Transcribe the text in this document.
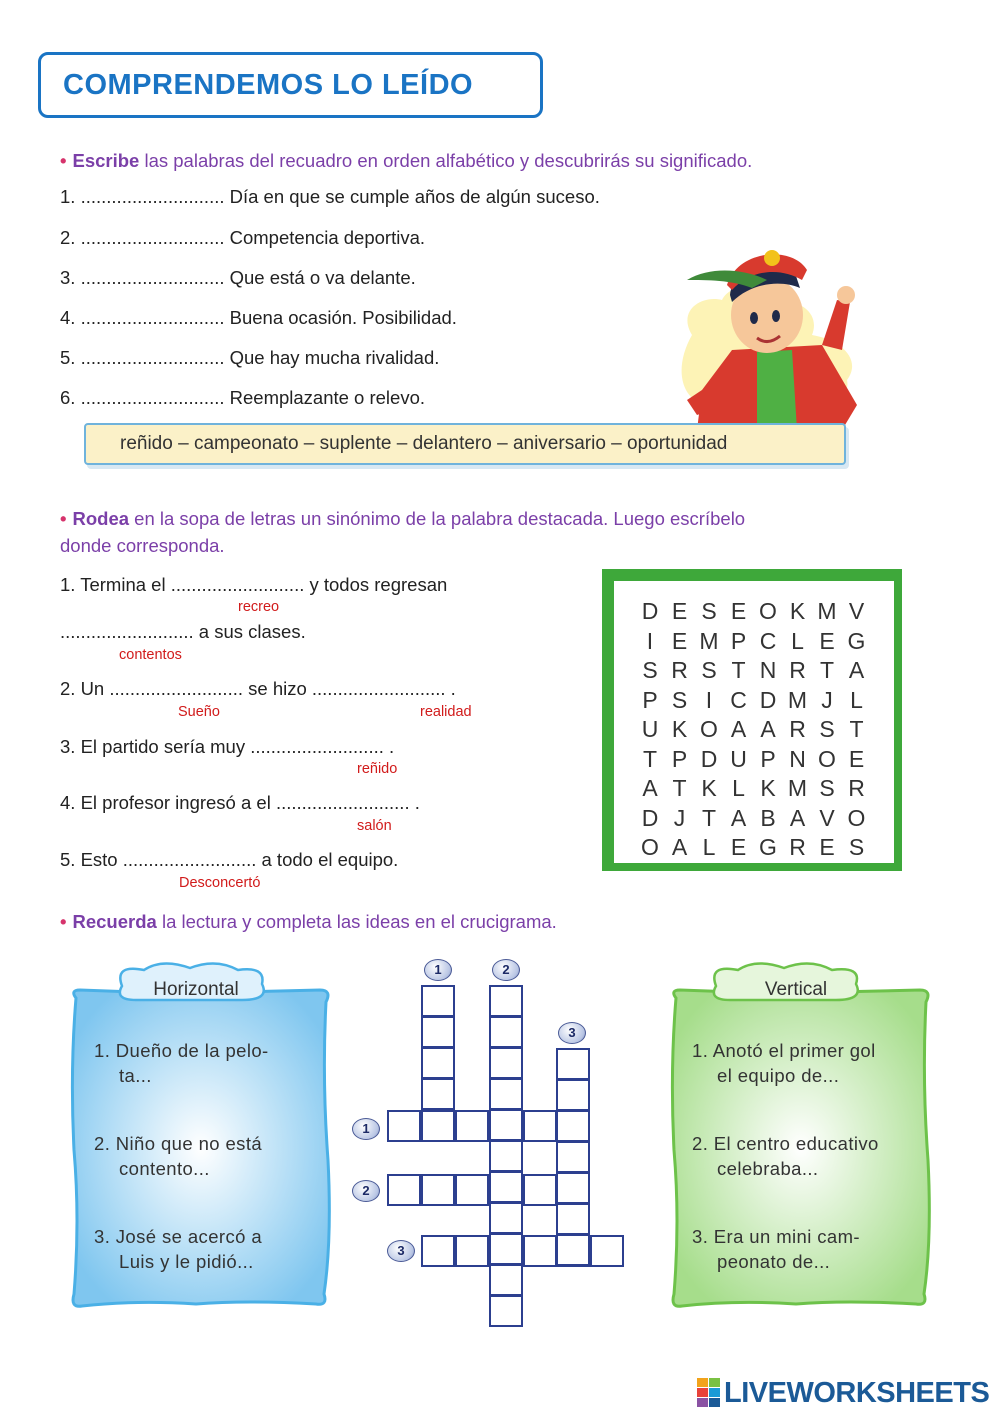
COMPRENDEMOS LO LEÍDO
• Escribe las palabras del recuadro en orden alfabético y descubrirás su significado.
1. ............................ Día en que se cumple años de algún suceso.
2. ............................ Competencia deportiva.
3. ............................ Que está o va delante.
4. ............................ Buena ocasión. Posibilidad.
5. ............................ Que hay mucha rivalidad.
6. ............................ Reemplazante o relevo.
reñido – campeonato – suplente – delantero – aniversario – oportunidad
• Rodea en la sopa de letras un sinónimo de la palabra destacada. Luego escríbelo
donde corresponda.
1. Termina el .......................... y todos regresan
recreo
.......................... a sus clases.
contentos
2. Un .......................... se hizo .......................... .
Sueño	realidad
3. El partido sería muy .......................... .
reñido
4. El profesor ingresó a el .......................... .
salón
5. Esto .......................... a todo el equipo.
Desconcertó
D E S E O K M V
I E M P C L E G
S R S T N R T A
P S I C D M J L
U K O A A R S T
T P D U P N O E
A T K L K M S R
D J T A B A V O
O A L E G R E S
• Recuerda la lectura y completa las ideas en el crucigrama.
Horizontal
1. Dueño de la pelo-
ta...
2. Niño que no está
contento...
3. José se acercó a
Luis y le pidió...
Vertical
1. Anotó el primer gol
el equipo de...
2. El centro educativo
celebraba...
3. Era un mini cam-
peonato de...
1	2
3
1
2
3
LIVEWORKSHEETS
